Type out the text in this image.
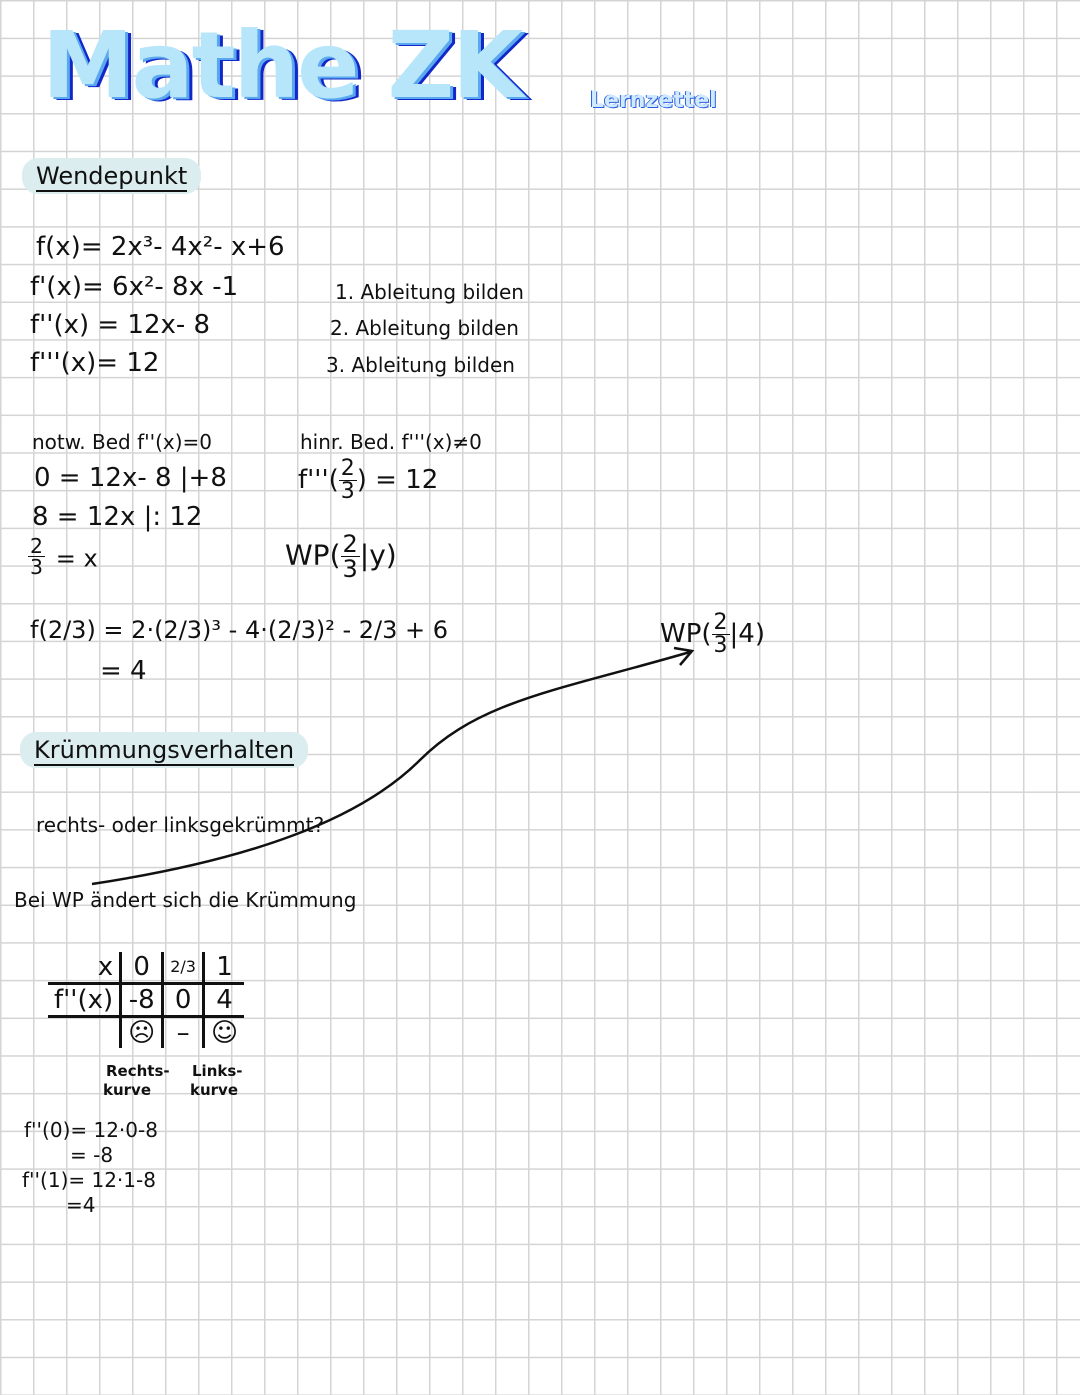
Mathe ZK	Lernzettel
Wendepunkt
f(x)= 2x³- 4x²- x+6
f'(x)= 6x²- 8x -1
f''(x) = 12x- 8
f'''(x)= 12
1. Ableitung bilden
2. Ableitung bilden
3. Ableitung bilden
notw. Bed f''(x)=0
0 = 12x- 8 |+8
8 = 12x |: 12
$\frac{2}{3} = x$
hinr. Bed. f'''(x)≠0
$f'''( \frac{2}{3}$ ) = 12
$WP( \frac{2}{3} |y)$
f(2/3) = 2·(2/3)³ - 4·(2/3)² - 2/3 + 6
= 4
$WP( \frac{2}{3} |4)$
Krümmungsverhalten
rechts- oder linksgekrümmt?
Bei WP ändert sich die Krümmung
x	0	2/3	1
f''(x)	-8	0	4
	☹	–	☺
Rechts-
kurve
Links-
kurve
f''(0)= 12·0-8
= -8
f''(1)= 12·1-8
=4
